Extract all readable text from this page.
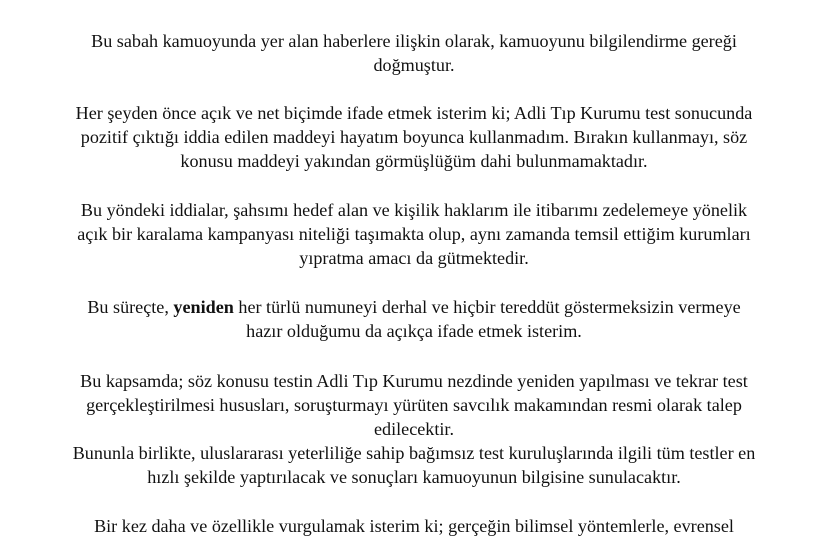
Bu sabah kamuoyunda yer alan haberlere ilişkin olarak, kamuoyunu bilgilendirme gereği
doğmuştur.
Her şeyden önce açık ve net biçimde ifade etmek isterim ki; Adli Tıp Kurumu test sonucunda
pozitif çıktığı iddia edilen maddeyi hayatım boyunca kullanmadım. Bırakın kullanmayı, söz
konusu maddeyi yakından görmüşlüğüm dahi bulunmamaktadır.
Bu yöndeki iddialar, şahsımı hedef alan ve kişilik haklarım ile itibarımı zedelemeye yönelik
açık bir karalama kampanyası niteliği taşımakta olup, aynı zamanda temsil ettiğim kurumları
yıpratma amacı da gütmektedir.
Bu süreçte, yeniden her türlü numuneyi derhal ve hiçbir tereddüt göstermeksizin vermeye
hazır olduğumu da açıkça ifade etmek isterim.
Bu kapsamda; söz konusu testin Adli Tıp Kurumu nezdinde yeniden yapılması ve tekrar test
gerçekleştirilmesi hususları, soruşturmayı yürüten savcılık makamından resmi olarak talep
edilecektir.
Bununla birlikte, uluslararası yeterliliğe sahip bağımsız test kuruluşlarında ilgili tüm testler en
hızlı şekilde yaptırılacak ve sonuçları kamuoyunun bilgisine sunulacaktır.
Bir kez daha ve özellikle vurgulamak isterim ki; gerçeğin bilimsel yöntemlerle, evrensel
